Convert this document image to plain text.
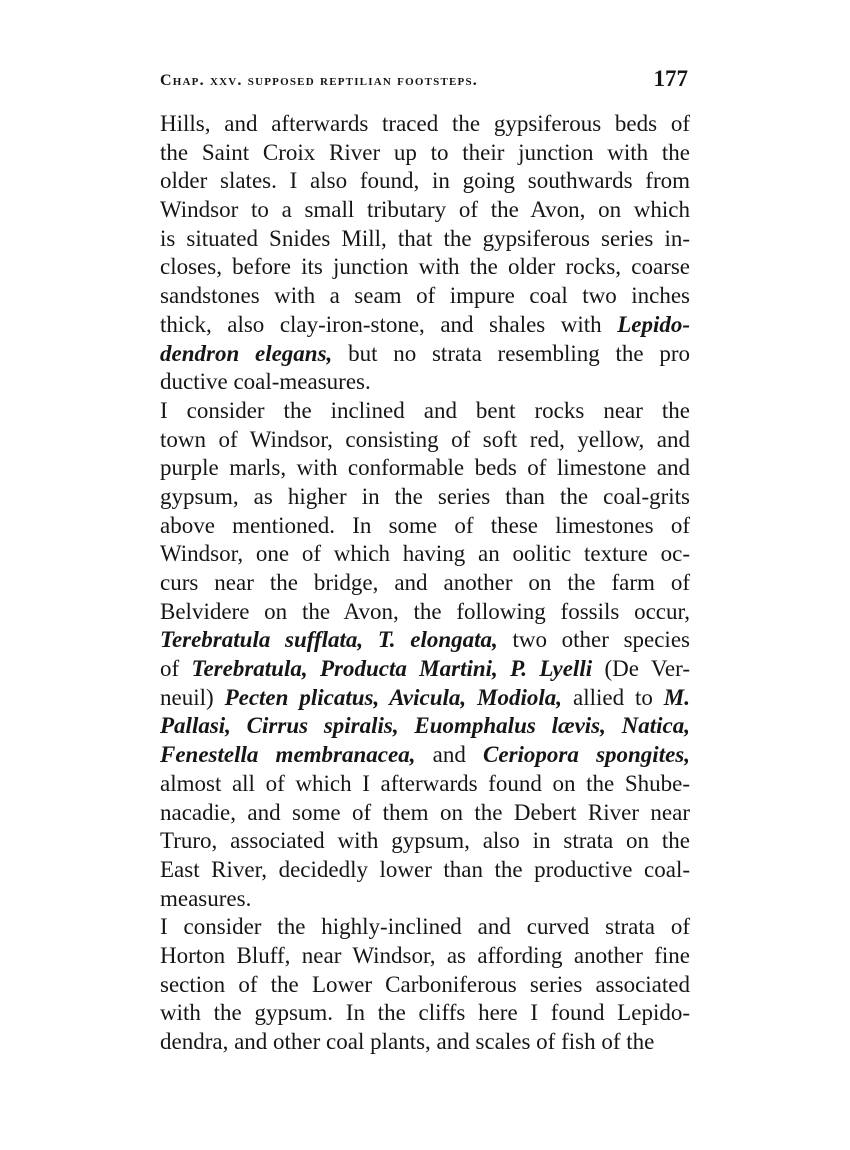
Chap. xxv. supposed reptilian footsteps.	177
Hills, and afterwards traced the gypsiferous beds of
the Saint Croix River up to their junction with the
older slates. I also found, in going southwards from
Windsor to a small tributary of the Avon, on which
is situated Snides Mill, that the gypsiferous series in-
closes, before its junction with the older rocks, coarse
sandstones with a seam of impure coal two inches
thick, also clay-iron-stone, and shales with Lepido-
dendron elegans, but no strata resembling the pro
ductive coal-measures.
I consider the inclined and bent rocks near the
town of Windsor, consisting of soft red, yellow, and
purple marls, with conformable beds of limestone and
gypsum, as higher in the series than the coal-grits
above mentioned. In some of these limestones of
Windsor, one of which having an oolitic texture oc-
curs near the bridge, and another on the farm of
Belvidere on the Avon, the following fossils occur,
Terebratula sufflata, T. elongata, two other species
of Terebratula, Producta Martini, P. Lyelli (De Ver-
neuil) Pecten plicatus, Avicula, Modiola, allied to M.
Pallasi, Cirrus spiralis, Euomphalus lævis, Natica,
Fenestella membranacea, and Ceriopora spongites,
almost all of which I afterwards found on the Shube-
nacadie, and some of them on the Debert River near
Truro, associated with gypsum, also in strata on the
East River, decidedly lower than the productive coal-
measures.
I consider the highly-inclined and curved strata of
Horton Bluff, near Windsor, as affording another fine
section of the Lower Carboniferous series associated
with the gypsum. In the cliffs here I found Lepido-
dendra, and other coal plants, and scales of fish of the
